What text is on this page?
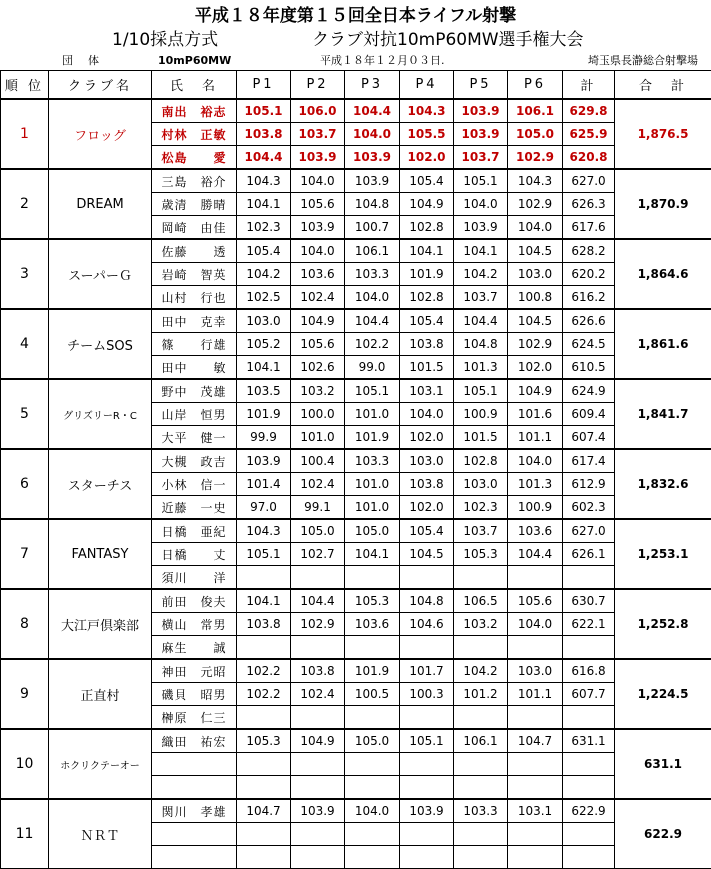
平成１８年度第１５回全日本ライフル射撃
1/10採点方式	クラブ対抗10mP60MW選手権大会
団　体	10mP60MW	平成１８年１２月０３日.	埼玉県長瀞総合射撃場
順 位	クラブ名	氏　名	P1	P2	P3	P4	P5	P6	計	合　計
1	フロッグ	南出　裕志	105.1	106.0	104.4	104.3	103.9	106.1	629.8	1,876.5
		村林　正敏	103.8	103.7	104.0	105.5	103.9	105.0	625.9	
		松島　　愛	104.4	103.9	103.9	102.0	103.7	102.9	620.8	
2	DREAM	三島　裕介	104.3	104.0	103.9	105.4	105.1	104.3	627.0	1,870.9
		歳清　勝晴	104.1	105.6	104.8	104.9	104.0	102.9	626.3	
		岡崎　由佳	102.3	103.9	100.7	102.8	103.9	104.0	617.6	
3	スーパーＧ	佐藤　　透	105.4	104.0	106.1	104.1	104.1	104.5	628.2	1,864.6
		岩崎　智英	104.2	103.6	103.3	101.9	104.2	103.0	620.2	
		山村　行也	102.5	102.4	104.0	102.8	103.7	100.8	616.2	
4	チームSOS	田中　克幸	103.0	104.9	104.4	105.4	104.4	104.5	626.6	1,861.6
		篠　　行雄	105.2	105.6	102.2	103.8	104.8	102.9	624.5	
		田中　　敏	104.1	102.6	99.0	101.5	101.3	102.0	610.5	
5	グリズリーR・C	野中　茂雄	103.5	103.2	105.1	103.1	105.1	104.9	624.9	1,841.7
		山岸　恒男	101.9	100.0	101.0	104.0	100.9	101.6	609.4	
		大平　健一	99.9	101.0	101.9	102.0	101.5	101.1	607.4	
6	スターチス	大槻　政吉	103.9	100.4	103.3	103.0	102.8	104.0	617.4	1,832.6
		小林　信一	101.4	102.4	101.0	103.8	103.0	101.3	612.9	
		近藤　一史	97.0	99.1	101.0	102.0	102.3	100.9	602.3	
7	FANTASY	日橋　亜紀	104.3	105.0	105.0	105.4	103.7	103.6	627.0	1,253.1
		日橋　　丈	105.1	102.7	104.1	104.5	105.3	104.4	626.1	
		須川　　洋								
8	大江戸倶楽部	前田　俊夫	104.1	104.4	105.3	104.8	106.5	105.6	630.7	1,252.8
		横山　常男	103.8	102.9	103.6	104.6	103.2	104.0	622.1	
		麻生　　誠								
9	正直村	神田　元昭	102.2	103.8	101.9	101.7	104.2	103.0	616.8	1,224.5
		磯貝　昭男	102.2	102.4	100.5	100.3	101.2	101.1	607.7	
		榊原　仁三								
10	ホクリクテーオー	織田　祐宏	105.3	104.9	105.0	105.1	106.1	104.7	631.1	631.1

11	ＮＲＴ	関川　孝雄	104.7	103.9	104.0	103.9	103.3	103.1	622.9	622.9
